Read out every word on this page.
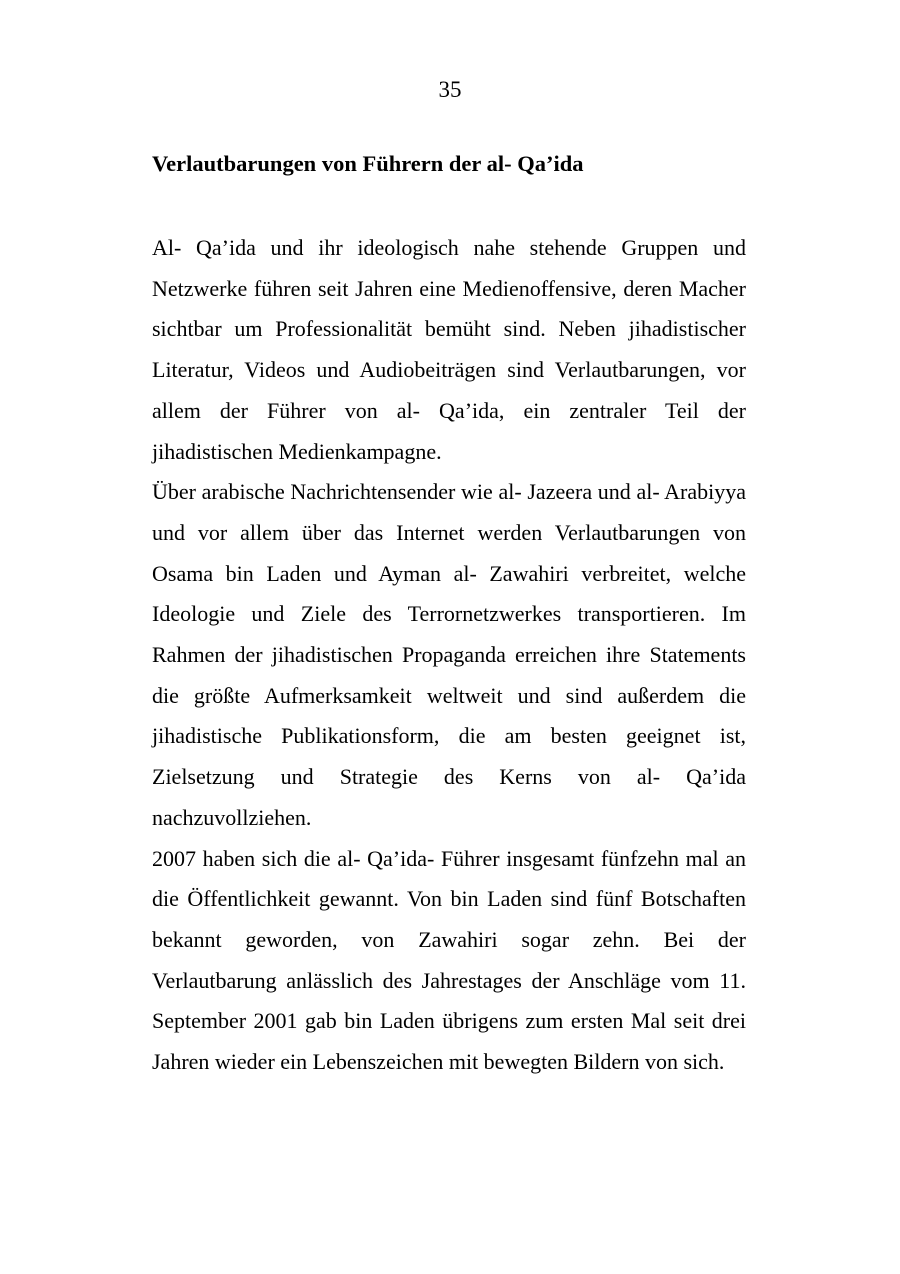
35
Verlautbarungen von Führern der al- Qa’ida

Al- Qa’ida und ihr ideologisch nahe stehende Gruppen und Netzwerke führen seit Jahren eine Medienoffensive, deren Macher sichtbar um Professionalität bemüht sind. Neben jihadistischer Literatur, Videos und Audiobeiträgen sind Verlautbarungen, vor allem der Führer von al- Qa’ida, ein zentraler Teil der jihadistischen Medienkampagne.

Über arabische Nachrichtensender wie al- Jazeera und al- Arabiyya und vor allem über das Internet werden Verlautbarungen von Osama bin Laden und Ayman al- Zawahiri verbreitet, welche Ideologie und Ziele des Terrornetzwerkes transportieren. Im Rahmen der jihadistischen Propaganda erreichen ihre Statements die größte Aufmerksamkeit weltweit und sind außerdem die jihadistische Publikationsform, die am besten geeignet ist, Zielsetzung und Strategie des Kerns von al- Qa’ida nachzuvollziehen.

2007 haben sich die al- Qa’ida- Führer insgesamt fünfzehn mal an die Öffentlichkeit gewannt. Von bin Laden sind fünf Botschaften bekannt geworden, von Zawahiri sogar zehn. Bei der Verlautbarung anlässlich des Jahrestages der Anschläge vom 11. September 2001 gab bin Laden übrigens zum ersten Mal seit drei Jahren wieder ein Lebenszeichen mit bewegten Bildern von sich.
